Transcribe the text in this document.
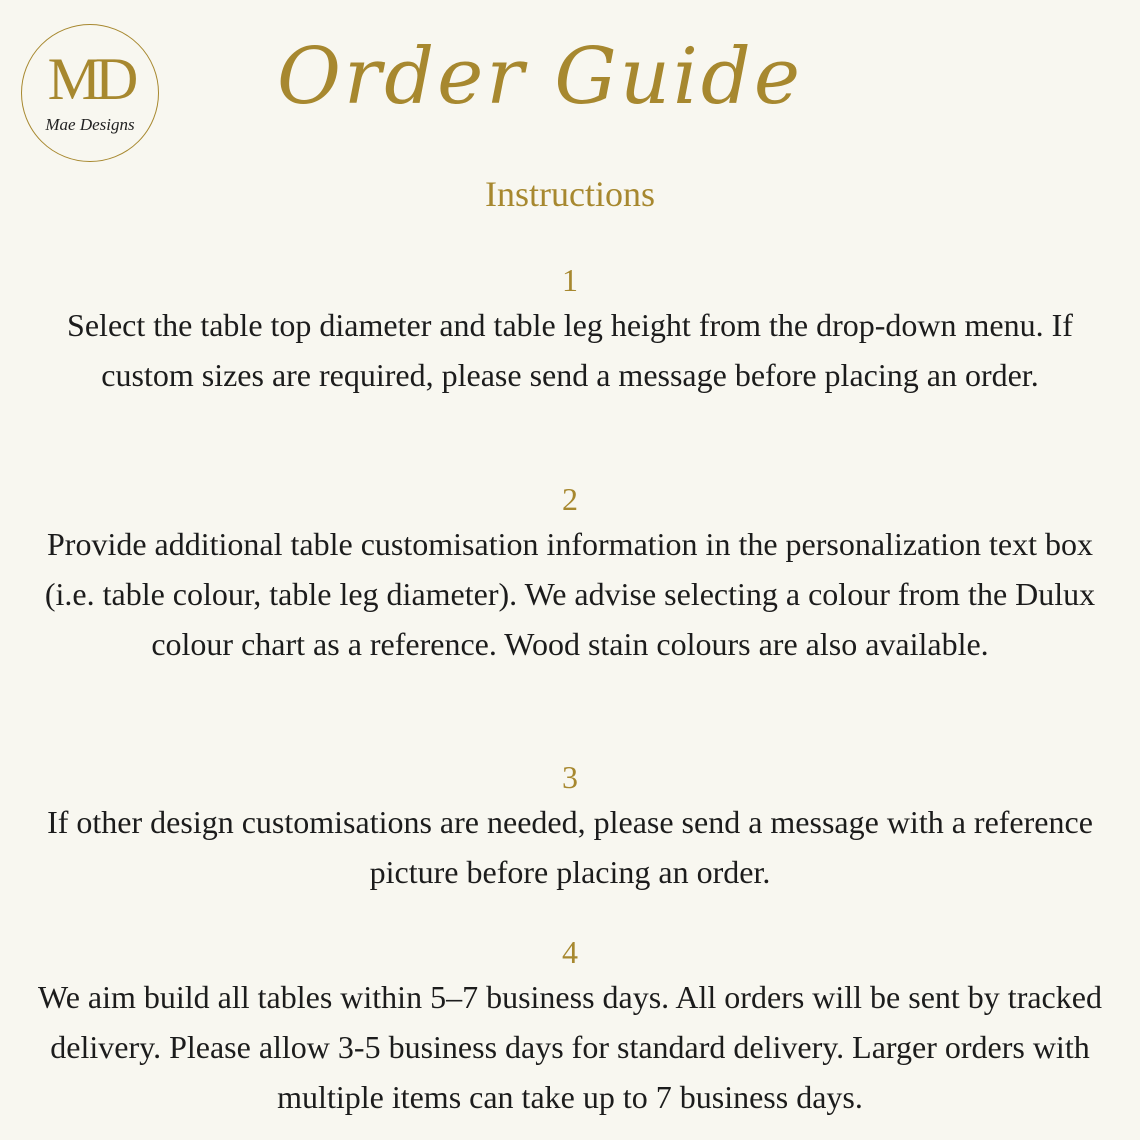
MD
Mae Designs
Order Guide
Instructions
1
Select the table top diameter and table leg height from the drop-down menu. If custom sizes are required, please send a message before placing an order.
2
Provide additional table customisation information in the personalization text box (i.e. table colour, table leg diameter). We advise selecting a colour from the Dulux colour chart as a reference. Wood stain colours are also available.
3
If other design customisations are needed, please send a message with a reference picture before placing an order.
4
We aim build all tables within 5–7 business days. All orders will be sent by tracked delivery. Please allow 3-5 business days for standard delivery. Larger orders with multiple items can take up to 7 business days.
